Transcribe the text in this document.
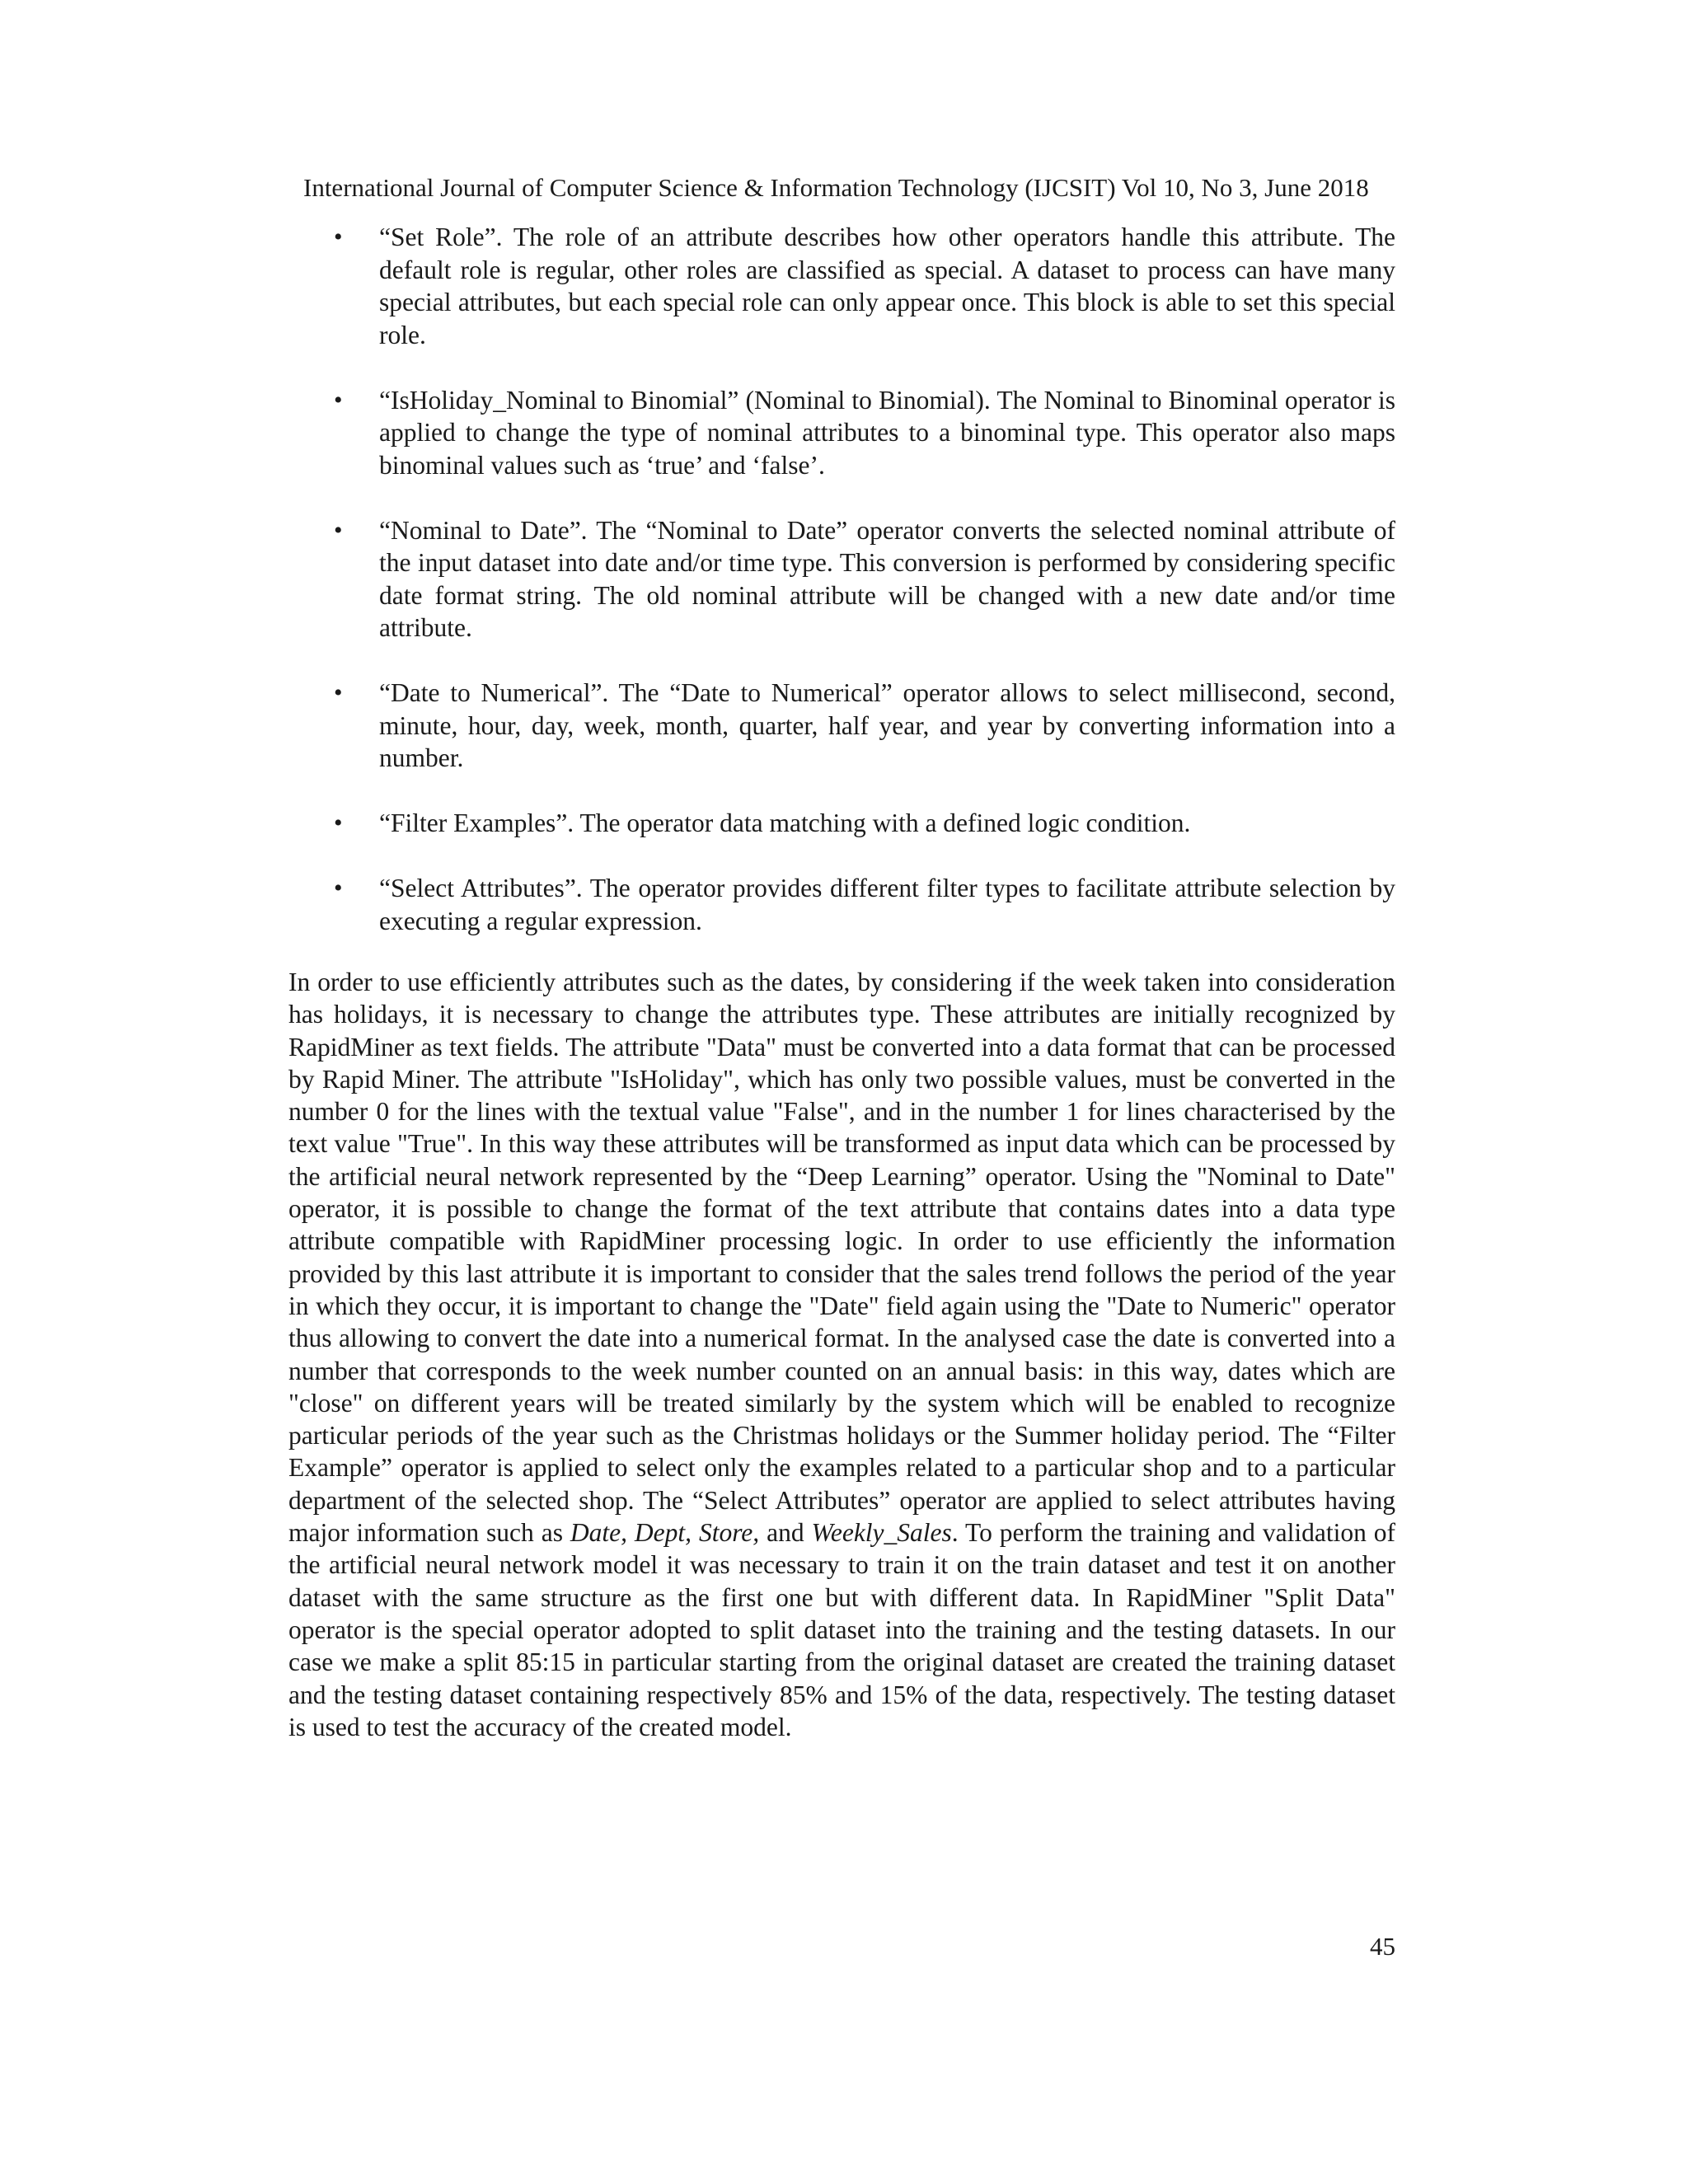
International Journal of Computer Science & Information Technology (IJCSIT) Vol 10, No 3, June 2018
•	“Set Role”. The role of an attribute describes how other operators handle this attribute. The default role is regular, other roles are classified as special. A dataset to process can have many special attributes, but each special role can only appear once. This block is able to set this special role.
•	“IsHoliday_Nominal to Binomial” (Nominal to Binomial). The Nominal to Binominal operator is applied to change the type of nominal attributes to a binominal type. This operator also maps binominal values such as ‘true’ and ‘false’.
•	“Nominal to Date”. The “Nominal to Date” operator converts the selected nominal attribute of the input dataset into date and/or time type. This conversion is performed by considering specific date format string. The old nominal attribute will be changed with a new date and/or time attribute.
•	“Date to Numerical”. The “Date to Numerical” operator allows to select millisecond, second, minute, hour, day, week, month, quarter, half year, and year by converting information into a number.
•	“Filter Examples”. The operator data matching with a defined logic condition.
•	“Select Attributes”. The operator provides different filter types to facilitate attribute selection by executing a regular expression.

In order to use efficiently attributes such as the dates, by considering if the week taken into consideration has holidays, it is necessary to change the attributes type. These attributes are initially recognized by RapidMiner as text fields. The attribute "Data" must be converted into a data format that can be processed by Rapid Miner. The attribute "IsHoliday", which has only two possible values, must be converted in the number 0 for the lines with the textual value "False", and in the number 1 for lines characterised by the text value "True". In this way these attributes will be transformed as input data which can be processed by the artificial neural network represented by the “Deep Learning” operator. Using the "Nominal to Date" operator, it is possible to change the format of the text attribute that contains dates into a data type attribute compatible with RapidMiner processing logic. In order to use efficiently the information provided by this last attribute it is important to consider that the sales trend follows the period of the year in which they occur, it is important to change the "Date" field again using the "Date to Numeric" operator thus allowing to convert the date into a numerical format. In the analysed case the date is converted into a number that corresponds to the week number counted on an annual basis: in this way, dates which are "close" on different years will be treated similarly by the system which will be enabled to recognize particular periods of the year such as the Christmas holidays or the Summer holiday period. The “Filter Example” operator is applied to select only the examples related to a particular shop and to a particular department of the selected shop. The “Select Attributes” operator are applied to select attributes having major information such as Date, Dept, Store, and Weekly_Sales. To perform the training and validation of the artificial neural network model it was necessary to train it on the train dataset and test it on another dataset with the same structure as the first one but with different data. In RapidMiner "Split Data" operator is the special operator adopted to split dataset into the training and the testing datasets. In our case we make a split 85:15 in particular starting from the original dataset are created the training dataset and the testing dataset containing respectively 85% and 15% of the data, respectively. The testing dataset is used to test the accuracy of the created model.

45
